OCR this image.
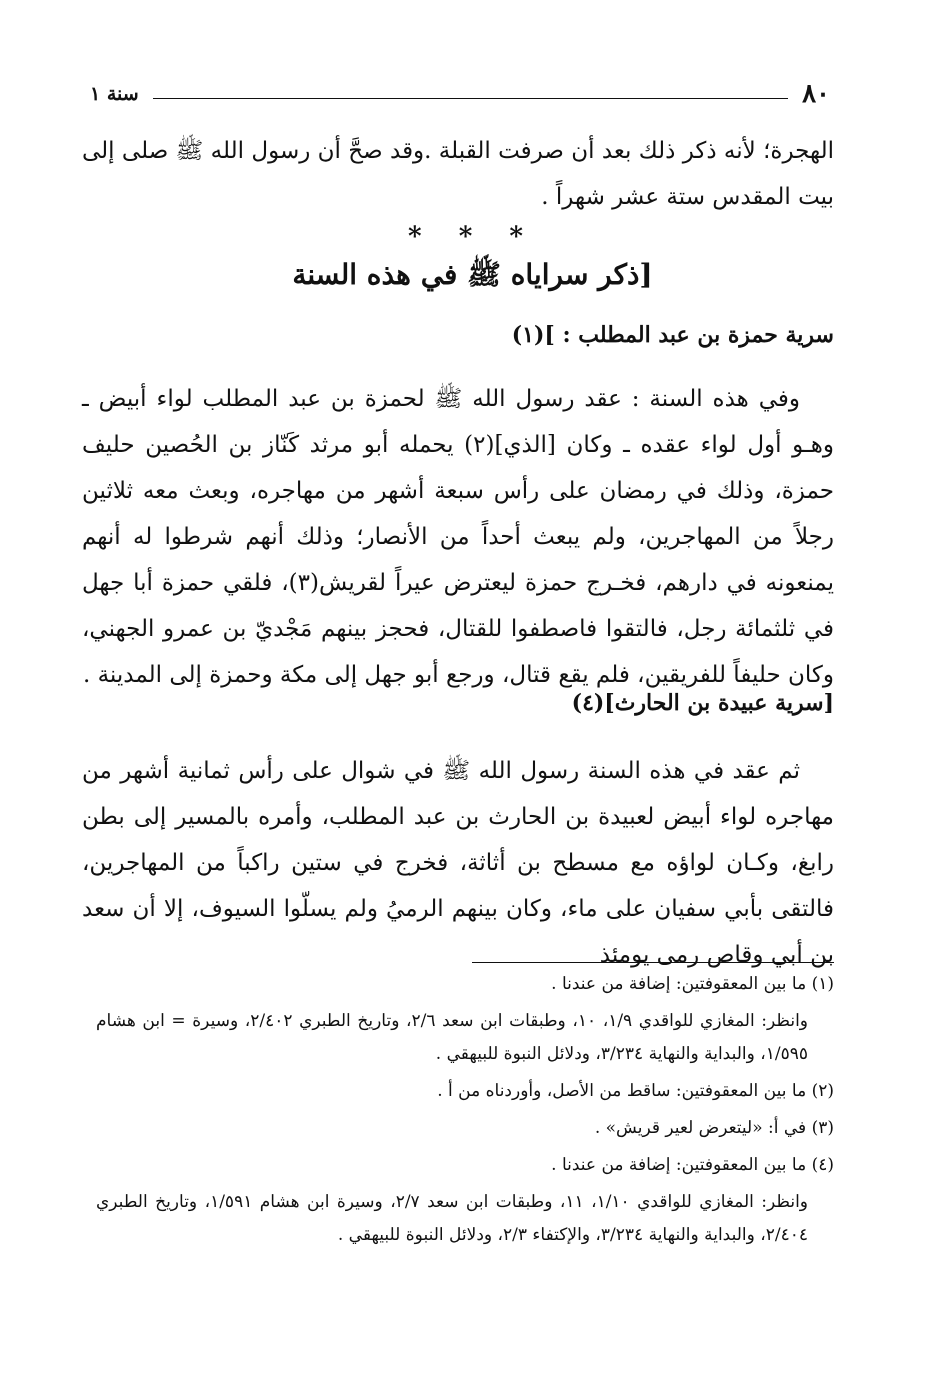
٨٠
سنة ١

الهجرة؛ لأنه ذكر ذلك بعد أن صرفت القبلة .وقد صحَّ أن رسول الله ﷺ صلى إلى بيت المقدس ستة عشر شهراً .

* * *
[ذكر سراياه ﷺ في هذه السنة
سرية حمزة بن عبد المطلب : ](١)

وفي هذه السنة : عقد رسول الله ﷺ لحمزة بن عبد المطلب لواء أبيض ـ وهـو أول لواء عقده ـ وكان [الذي](٢) يحمله أبو مرثد كَنّاز بن الحُصين حليف حمزة، وذلك في رمضان على رأس سبعة أشهر من مهاجره، وبعث معه ثلاثين رجلاً من المهاجرين، ولم يبعث أحداً من الأنصار؛ وذلك أنهم شرطوا له أنهم يمنعونه في دارهم، فخـرج حمزة ليعترض عيراً لقريش(٣)، فلقي حمزة أبا جهل في ثلثمائة رجل، فالتقوا فاصطفوا للقتال، فحجز بينهم مَجْديّ بن عمرو الجهني، وكان حليفاً للفريقين، فلم يقع قتال، ورجع أبو جهل إلى مكة وحمزة إلى المدينة .

[سرية عبيدة بن الحارث](٤)

ثم عقد في هذه السنة رسول الله ﷺ في شوال على رأس ثمانية أشهر من مهاجره لواء أبيض لعبيدة بن الحارث بن عبد المطلب، وأمره بالمسير إلى بطن رابغ، وكـان لواؤه مع مسطح بن أثاثة، فخرج في ستين راكباً من المهاجرين، فالتقى بأبي سفيان على ماء، وكان بينهم الرميُ ولم يسلّوا السيوف، إلا أن سعد بن أبي وقاص رمى يومئذ

(١) ما بين المعقوفتين: إضافة من عندنا .

وانظر: المغازي للواقدي ١/٩، ١٠، وطبقات ابن سعد ٢/٦، وتاريخ الطبري ٢/٤٠٢، وسيرة = ابن هشام ١/٥٩٥، والبداية والنهاية ٣/٢٣٤، ودلائل النبوة للبيهقي .

(٢) ما بين المعقوفتين: ساقط من الأصل، وأوردناه من أ .

(٣) في أ: «ليتعرض لعير قريش» .

(٤) ما بين المعقوفتين: إضافة من عندنا .

وانظر: المغازي للواقدي ١/١٠، ١١، وطبقات ابن سعد ٢/٧، وسيرة ابن هشام ١/٥٩١، وتاريخ الطبري ٢/٤٠٤، والبداية والنهاية ٣/٢٣٤، والإكتفاء ٢/٣، ودلائل النبوة للبيهقي .
